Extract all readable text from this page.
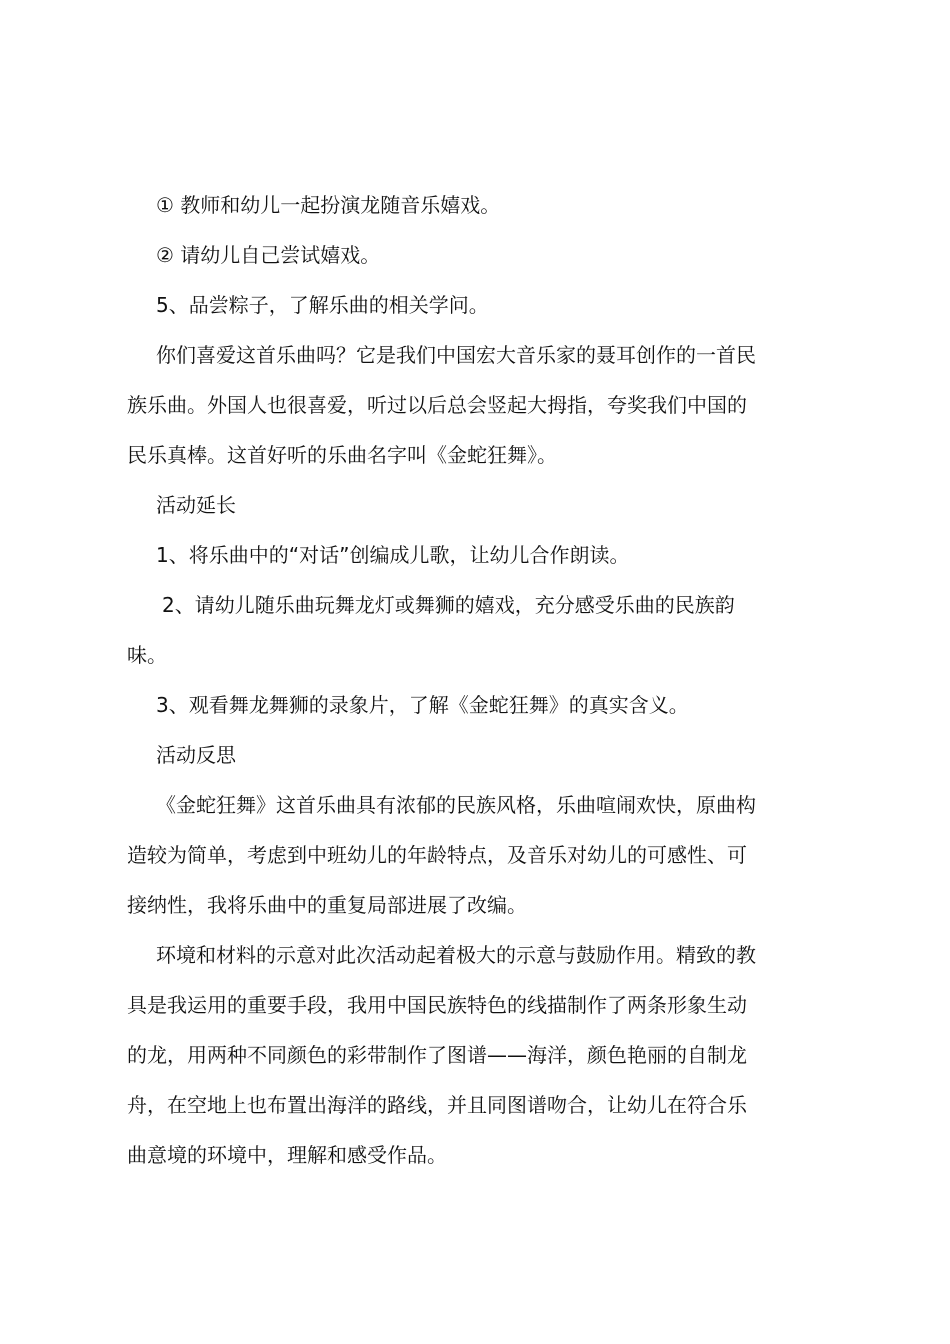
① 教师和幼儿一起扮演龙随音乐嬉戏。
② 请幼儿自己尝试嬉戏。
5、品尝粽子，了解乐曲的相关学问。
你们喜爱这首乐曲吗？它是我们中国宏大音乐家的聂耳创作的一首民
族乐曲。外国人也很喜爱，听过以后总会竖起大拇指，夸奖我们中国的
民乐真棒。这首好听的乐曲名字叫《金蛇狂舞》。
活动延长
1、将乐曲中的“对话”创编成儿歌，让幼儿合作朗读。
2、请幼儿随乐曲玩舞龙灯或舞狮的嬉戏，充分感受乐曲的民族韵
味。
3、观看舞龙舞狮的录象片，了解《金蛇狂舞》的真实含义。
活动反思
《金蛇狂舞》这首乐曲具有浓郁的民族风格，乐曲喧闹欢快，原曲构
造较为简单，考虑到中班幼儿的年龄特点，及音乐对幼儿的可感性、可
接纳性，我将乐曲中的重复局部进展了改编。
环境和材料的示意对此次活动起着极大的示意与鼓励作用。精致的教
具是我运用的重要手段，我用中国民族特色的线描制作了两条形象生动
的龙，用两种不同颜色的彩带制作了图谱——海洋，颜色艳丽的自制龙
舟，在空地上也布置出海洋的路线，并且同图谱吻合，让幼儿在符合乐
曲意境的环境中，理解和感受作品。
